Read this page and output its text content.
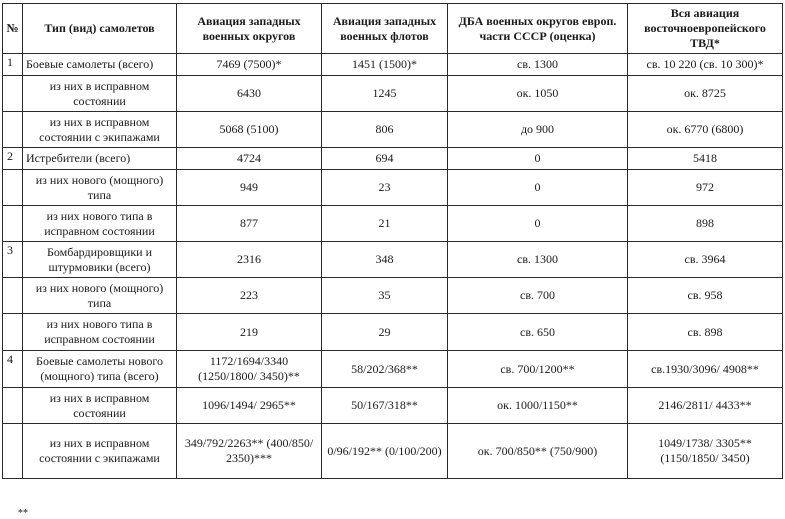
№	Тип (вид) самолетов	Авиация западных военных округов	Авиация западных военных флотов	ДБА военных округов европ. части СССР (оценка)	Вся авиация восточноевропейского ТВД*
1	Боевые самолеты (всего)	7469 (7500)*	1451 (1500)*	св. 1300	св. 10 220 (св. 10 300)*
	из них в исправном состоянии	6430	1245	ок. 1050	ок. 8725
	из них в исправном состоянии с экипажами	5068 (5100)	806	до 900	ок. 6770 (6800)
2	Истребители (всего)	4724	694	0	5418
	из них нового (мощного) типа	949	23	0	972
	из них нового типа в исправном состоянии	877	21	0	898
3	Бомбардировщики и штурмовики (всего)	2316	348	св. 1300	св. 3964
	из них нового (мощного) типа	223	35	св. 700	св. 958
	из них нового типа в исправном состоянии	219	29	св. 650	св. 898
4	Боевые самолеты нового (мощного) типа (всего)	1172/1694/3340 (1250/1800/ 3450)**	58/202/368**	св. 700/1200**	св.1930/3096/ 4908**
	из них в исправном состоянии	1096/1494/ 2965**	50/167/318**	ок. 1000/1150**	2146/2811/ 4433**
	из них в исправном состоянии с экипажами	349/792/2263** (400/850/ 2350)***	0/96/192** (0/100/200)	ок. 700/850** (750/900)	1049/1738/ 3305** (1150/1850/ 3450)
**
